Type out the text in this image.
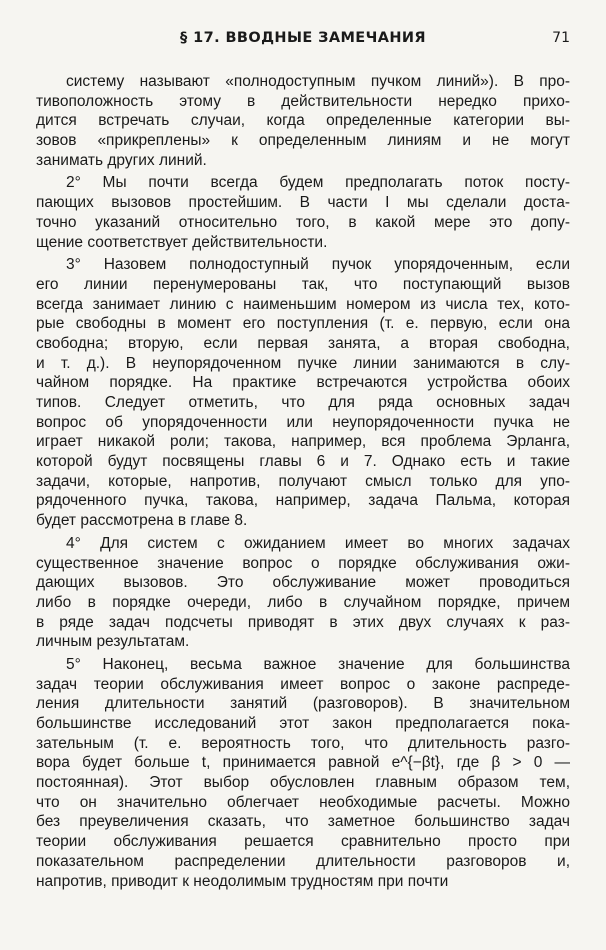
§ 17. ВВОДНЫЕ ЗАМЕЧАНИЯ	71
систему называют «полнодоступным пучком линий»). В про-
тивоположность этому в действительности нередко прихо-
дится встречать случаи, когда определенные категории вы-
зовов «прикреплены» к определенным линиям и не могут
занимать других линий.
2° Мы почти всегда будем предполагать поток посту-
пающих вызовов простейшим. В части I мы сделали доста-
точно указаний относительно того, в какой мере это допу-
щение соответствует действительности.
3° Назовем полнодоступный пучок упорядоченным, если
его линии перенумерованы так, что поступающий вызов
всегда занимает линию с наименьшим номером из числа тех, кото-
рые свободны в момент его поступления (т. е. первую, если она
свободна; вторую, если первая занята, а вторая свободна,
и т. д.). В неупорядоченном пучке линии занимаются в слу-
чайном порядке. На практике встречаются устройства обоих
типов. Следует отметить, что для ряда основных задач
вопрос об упорядоченности или неупорядоченности пучка не
играет никакой роли; такова, например, вся проблема Эрланга,
которой будут посвящены главы 6 и 7. Однако есть и такие
задачи, которые, напротив, получают смысл только для упо-
рядоченного пучка, такова, например, задача Пальма, которая
будет рассмотрена в главе 8.
4° Для систем с ожиданием имеет во многих задачах
существенное значение вопрос о порядке обслуживания ожи-
дающих вызовов. Это обслуживание может проводиться
либо в порядке очереди, либо в случайном порядке, причем
в ряде задач подсчеты приводят в этих двух случаях к раз-
личным результатам.
5° Наконец, весьма важное значение для большинства
задач теории обслуживания имеет вопрос о законе распреде-
ления длительности занятий (разговоров). В значительном
большинстве исследований этот закон предполагается пока-
зательным (т. е. вероятность того, что длительность разго-
вора будет больше t, принимается равной e^{−βt}, где β > 0 —
постоянная). Этот выбор обусловлен главным образом тем,
что он значительно облегчает необходимые расчеты. Можно
без преувеличения сказать, что заметное большинство задач
теории обслуживания решается сравнительно просто при
показательном распределении длительности разговоров и,
напротив, приводит к неодолимым трудностям при почти
